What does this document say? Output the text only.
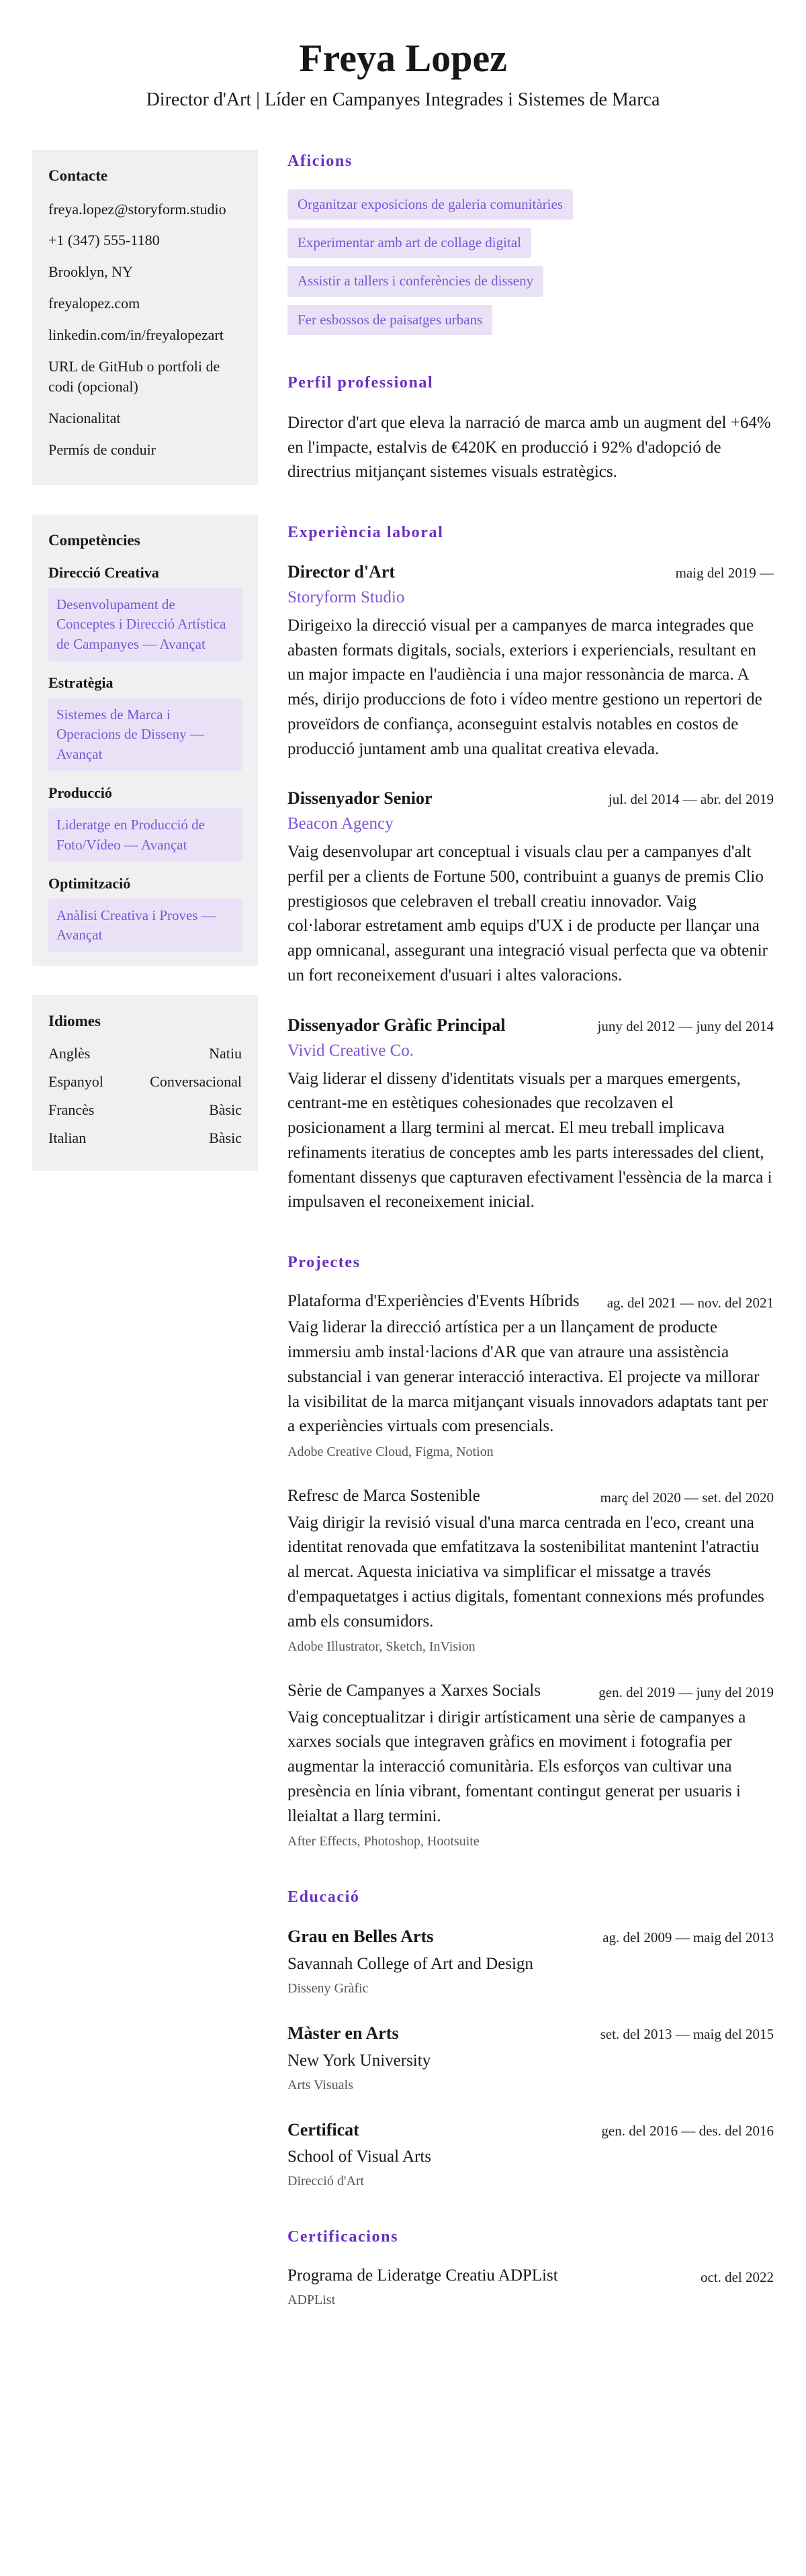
Freya Lopez
Director d'Art | Líder en Campanyes Integrades i Sistemes de Marca
Contacte
freya.lopez@storyform.studio
+1 (347) 555-1180
Brooklyn, NY
freyalopez.com
linkedin.com/in/freyalopezart
URL de GitHub o portfoli de codi (opcional)
Nacionalitat
Permís de conduir
Competències
Direcció Creativa
Desenvolupament de Conceptes i Direcció Artística de Campanyes — Avançat
Estratègia
Sistemes de Marca i Operacions de Disseny — Avançat
Producció
Lideratge en Producció de Foto/Vídeo — Avançat
Optimització
Anàlisi Creativa i Proves — Avançat
Idiomes
Anglès	Natiu
Espanyol	Conversacional
Francès	Bàsic
Italian	Bàsic
Aficions
Organitzar exposicions de galeria comunitàries
Experimentar amb art de collage digital
Assistir a tallers i conferències de disseny
Fer esbossos de paisatges urbans
Perfil professional

Director d'art que eleva la narració de marca amb un augment del +64% en l'impacte, estalvis de €420K en producció i 92% d'adopció de directrius mitjançant sistemes visuals estratègics.

Experiència laboral
Director d'Art	maig del 2019 —
Storyform Studio

Dirigeixo la direcció visual per a campanyes de marca integrades que abasten formats digitals, socials, exteriors i experiencials, resultant en un major impacte en l'audiència i una major ressonància de marca. A més, dirijo produccions de foto i vídeo mentre gestiono un repertori de proveïdors de confiança, aconseguint estalvis notables en costos de producció juntament amb una qualitat creativa elevada.

Dissenyador Senior	jul. del 2014 — abr. del 2019
Beacon Agency

Vaig desenvolupar art conceptual i visuals clau per a campanyes d'alt perfil per a clients de Fortune 500, contribuint a guanys de premis Clio prestigiosos que celebraven el treball creatiu innovador. Vaig col·laborar estretament amb equips d'UX i de producte per llançar una app omnicanal, assegurant una integració visual perfecta que va obtenir un fort reconeixement d'usuari i altes valoracions.

Dissenyador Gràfic Principal	juny del 2012 — juny del 2014
Vivid Creative Co.

Vaig liderar el disseny d'identitats visuals per a marques emergents, centrant-me en estètiques cohesionades que recolzaven el posicionament a llarg termini al mercat. El meu treball implicava refinaments iteratius de conceptes amb les parts interessades del client, fomentant dissenys que capturaven efectivament l'essència de la marca i impulsaven el reconeixement inicial.

Projectes
Plataforma d'Experiències d'Events Híbrids	ag. del 2021 — nov. del 2021

Vaig liderar la direcció artística per a un llançament de producte immersiu amb instal·lacions d'AR que van atraure una assistència substancial i van generar interacció interactiva. El projecte va millorar la visibilitat de la marca mitjançant visuals innovadors adaptats tant per a experiències virtuals com presencials.

Adobe Creative Cloud, Figma, Notion
Refresc de Marca Sostenible	març del 2020 — set. del 2020

Vaig dirigir la revisió visual d'una marca centrada en l'eco, creant una identitat renovada que emfatitzava la sostenibilitat mantenint l'atractiu al mercat. Aquesta iniciativa va simplificar el missatge a través d'empaquetatges i actius digitals, fomentant connexions més profundes amb els consumidors.

Adobe Illustrator, Sketch, InVision
Sèrie de Campanyes a Xarxes Socials	gen. del 2019 — juny del 2019

Vaig conceptualitzar i dirigir artísticament una sèrie de campanyes a xarxes socials que integraven gràfics en moviment i fotografia per augmentar la interacció comunitària. Els esforços van cultivar una presència en línia vibrant, fomentant contingut generat per usuaris i lleialtat a llarg termini.

After Effects, Photoshop, Hootsuite
Educació
Grau en Belles Arts	ag. del 2009 — maig del 2013
Savannah College of Art and Design
Disseny Gràfic
Màster en Arts	set. del 2013 — maig del 2015
New York University
Arts Visuals
Certificat	gen. del 2016 — des. del 2016
School of Visual Arts
Direcció d'Art
Certificacions
Programa de Lideratge Creatiu ADPList	oct. del 2022
ADPList
